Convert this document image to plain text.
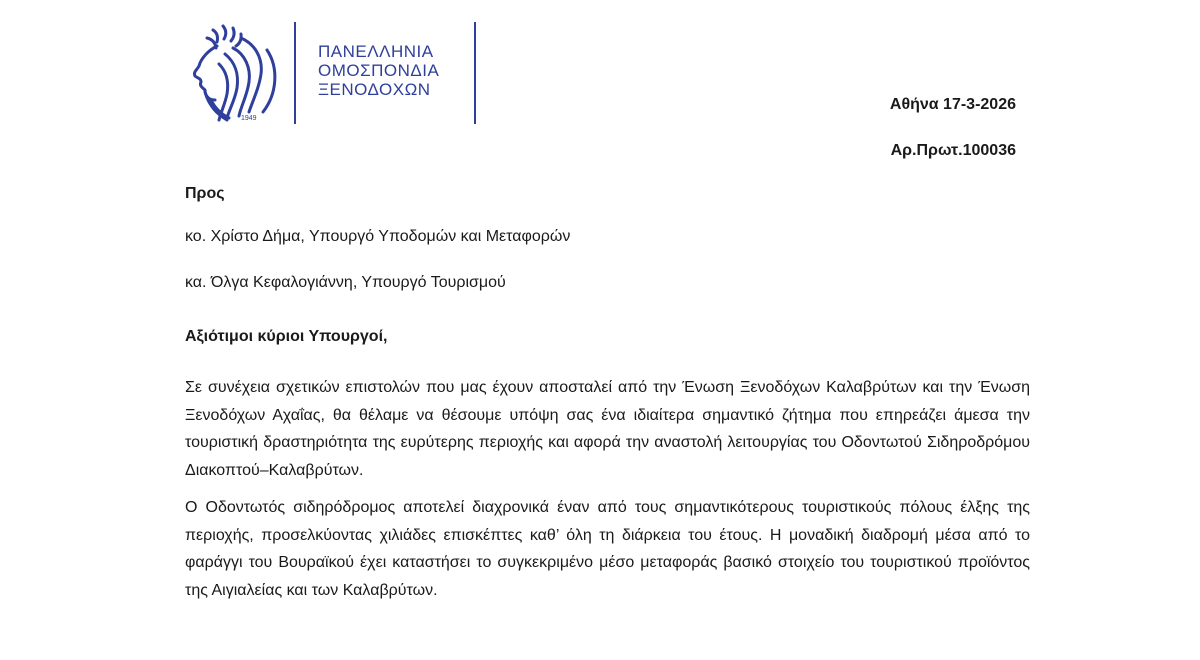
1949
ΠΑΝΕΛΛΗΝΙΑ
ΟΜΟΣΠΟΝΔΙΑ
ΞΕΝΟΔΟΧΩΝ
Αθήνα 17-3-2026
Αρ.Πρωτ.100036
Προς
κο. Χρίστο Δήμα, Υπουργό Υποδομών και Μεταφορών
κα. Όλγα Κεφαλογιάννη, Υπουργό Τουρισμού
Αξιότιμοι κύριοι Υπουργοί,

Σε συνέχεια σχετικών επιστολών που μας έχουν αποσταλεί από την Ένωση Ξενοδόχων Καλαβρύτων και την Ένωση Ξενοδόχων Αχαΐας, θα θέλαμε να θέσουμε υπόψη σας ένα ιδιαίτερα σημαντικό ζήτημα που επηρεάζει άμεσα την τουριστική δραστηριότητα της ευρύτερης περιοχής και αφορά την αναστολή λειτουργίας του Οδοντωτού Σιδηροδρόμου Διακοπτού–Καλαβρύτων.

Ο Οδοντωτός σιδηρόδρομος αποτελεί διαχρονικά έναν από τους σημαντικότερους τουριστικούς πόλους έλξης της περιοχής, προσελκύοντας χιλιάδες επισκέπτες καθ’ όλη τη διάρκεια του έτους. Η μοναδική διαδρομή μέσα από το φαράγγι του Βουραϊκού έχει καταστήσει το συγκεκριμένο μέσο μεταφοράς βασικό στοιχείο του τουριστικού προϊόντος της Αιγιαλείας και των Καλαβρύτων.
